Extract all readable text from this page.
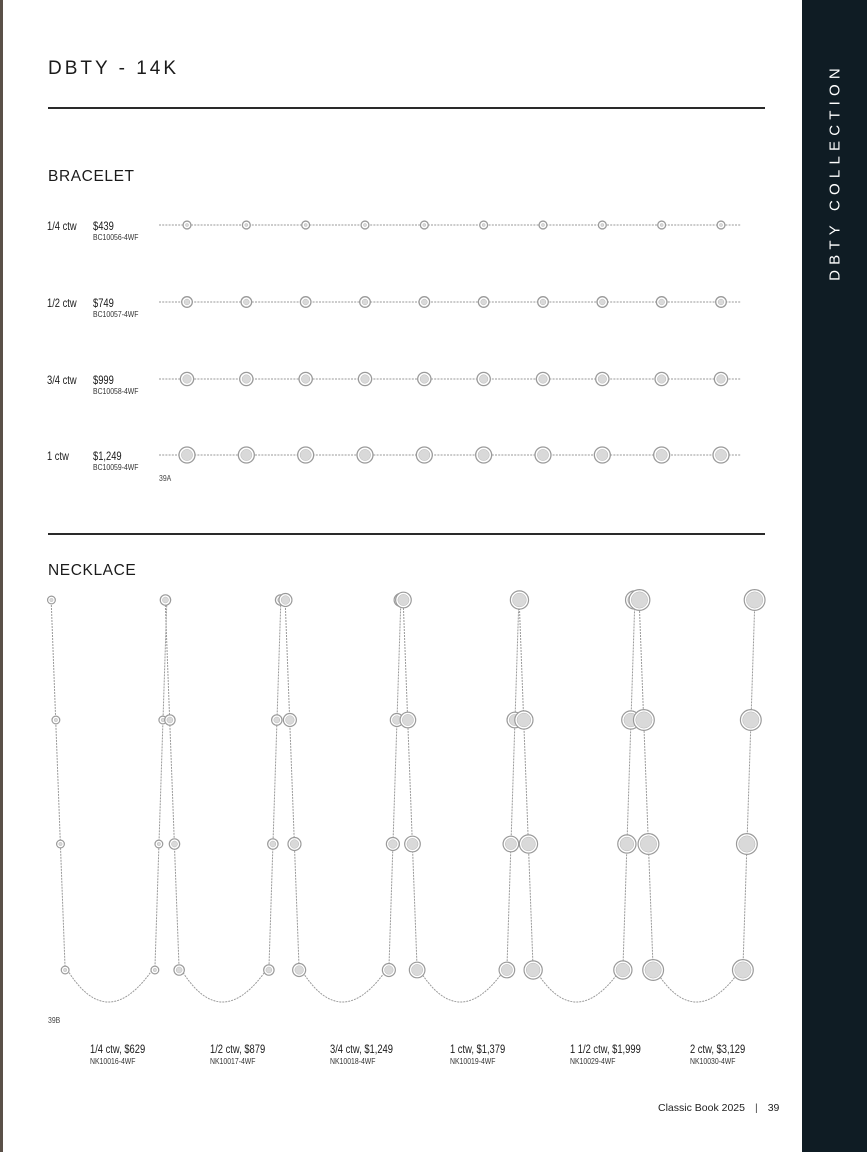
DBTY COLLECTION
DBTY - 14K
BRACELET
1/4 ctw $439
BC10056-4WF
1/2 ctw $749
BC10057-4WF
3/4 ctw $999
BC10058-4WF
1 ctw $1,249
BC10059-4WF
39A
NECKLACE
39B
1/4 ctw, $629
NK10016-4WF
1/2 ctw, $879
NK10017-4WF
3/4 ctw, $1,249
NK10018-4WF
1 ctw, $1,379
NK10019-4WF
1 1/2 ctw, $1,999
NK10029-4WF
2 ctw, $3,129
NK10030-4WF
Classic Book 2025 | 39
